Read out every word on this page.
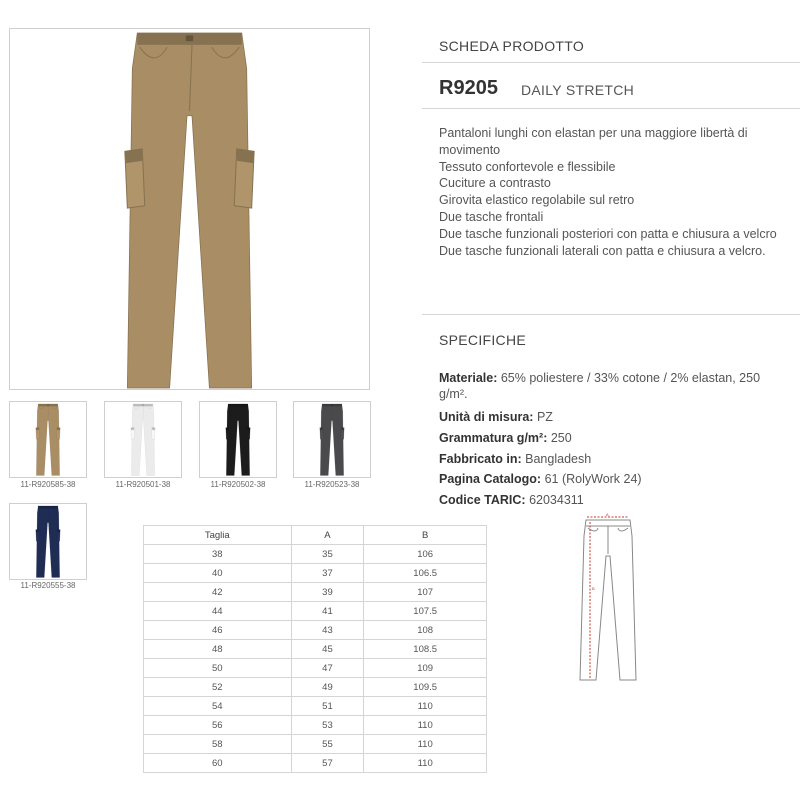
11-R920585-38	11-R920501-38	11-R920502-38	11-R920523-38
11-R920555-38
SCHEDA PRODOTTO
R9205 DAILY STRETCH
Pantaloni lunghi con elastan per una maggiore libertà di movimento
Tessuto confortevole e flessibile
Cuciture a contrasto
Girovita elastico regolabile sul retro
Due tasche frontali
Due tasche funzionali posteriori con patta e chiusura a velcro
Due tasche funzionali laterali con patta e chiusura a velcro.
SPECIFICHE
Materiale: 65% poliestere / 33% cotone / 2% elastan, 250 g/m².
Unità di misura: PZ
Grammatura g/m²: 250
Fabbricato in: Bangladesh
Pagina Catalogo: 61 (RolyWork 24)
Codice TARIC: 62034311
Taglia	A	B
38	35	106
40	37	106.5
42	39	107
44	41	107.5
46	43	108
48	45	108.5
50	47	109
52	49	109.5
54	51	110
56	53	110
58	55	110
60	57	110
A
B
